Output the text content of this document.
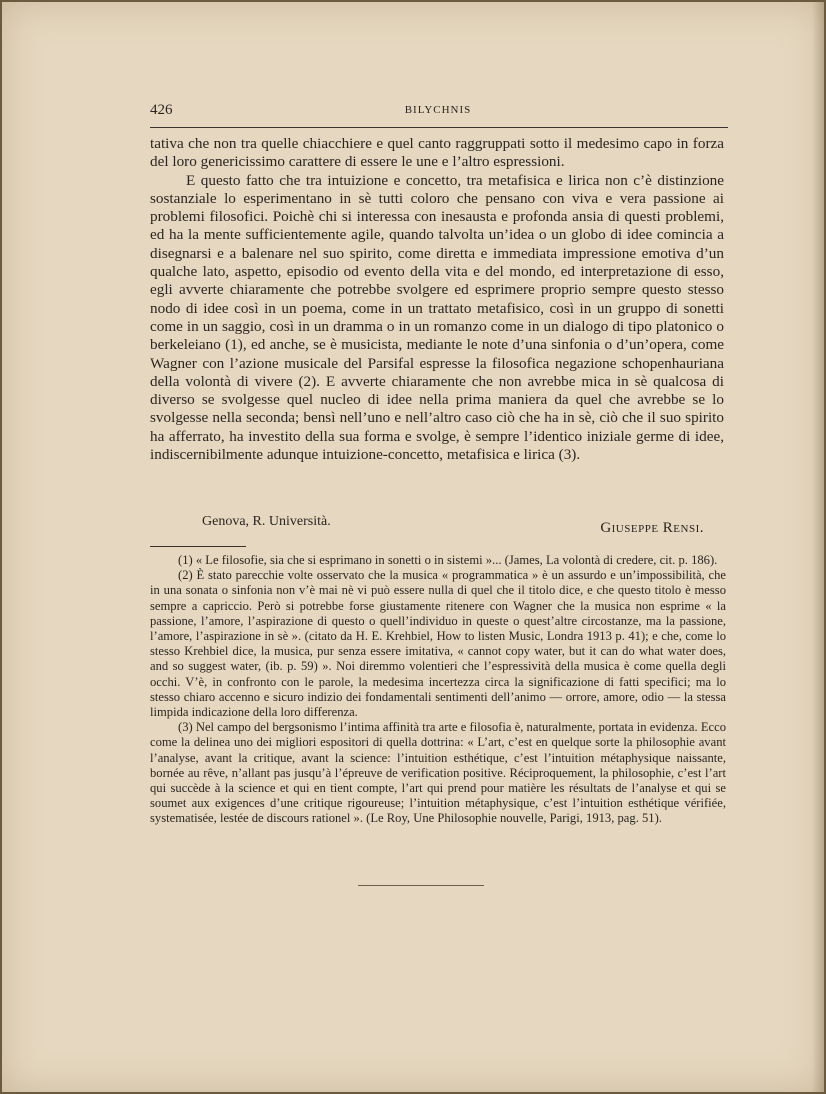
426	BILYCHNIS

tativa che non tra quelle chiacchiere e quel canto raggruppati sotto il medesimo capo in forza del loro genericissimo carattere di essere le une e l’altro espressioni.

E questo fatto che tra intuizione e concetto, tra metafisica e lirica non c’è distinzione sostanziale lo esperimentano in sè tutti coloro che pensano con viva e vera passione ai problemi filosofici. Poichè chi si interessa con inesausta e profonda ansia di questi problemi, ed ha la mente sufficientemente agile, quando talvolta un’idea o un globo di idee comincia a disegnarsi e a balenare nel suo spirito, come diretta e immediata impressione emotiva d’un qualche lato, aspetto, episodio od evento della vita e del mondo, ed interpretazione di esso, egli avverte chiaramente che potrebbe svolgere ed esprimere proprio sempre questo stesso nodo di idee così in un poema, come in un trattato metafisico, così in un gruppo di sonetti come in un saggio, così in un dramma o in un romanzo come in un dialogo di tipo platonico o berkeleiano (1), ed anche, se è musicista, mediante le note d’una sinfonia o d’un’opera, come Wagner con l’azione musicale del Parsifal espresse la filosofica negazione schopenhauriana della volontà di vivere (2). E avverte chiaramente che non avrebbe mica in sè qualcosa di diverso se svolgesse quel nucleo di idee nella prima maniera da quel che avrebbe se lo svolgesse nella seconda; bensì nell’uno e nell’altro caso ciò che ha in sè, ciò che il suo spirito ha afferrato, ha investito della sua forma e svolge, è sempre l’identico iniziale germe di idee, indiscernibilmente adunque intuizione-concetto, metafisica e lirica (3).

Genova, R. Università.	Giuseppe Rensi.

(1) « Le filosofie, sia che si esprimano in sonetti o in sistemi »... (James, La volontà di credere, cit. p. 186).

(2) È stato parecchie volte osservato che la musica « programmatica » è un assurdo e un’impossibilità, che in una sonata o sinfonia non v’è mai nè vi può essere nulla di quel che il titolo dice, e che questo titolo è messo sempre a capriccio. Però si potrebbe forse giustamente ritenere con Wagner che la musica non esprime « la passione, l’amore, l’aspirazione di questo o quell’individuo in queste o quest’altre circostanze, ma la passione, l’amore, l’aspirazione in sè ». (citato da H. E. Krehbiel, How to listen Music, Londra 1913 p. 41); e che, come lo stesso Krehbiel dice, la musica, pur senza essere imitativa, « cannot copy water, but it can do what water does, and so suggest water, (ib. p. 59) ». Noi diremmo volentieri che l’espressività della musica è come quella degli occhi. V’è, in confronto con le parole, la medesima incertezza circa la significazione di fatti specifici; ma lo stesso chiaro accenno e sicuro indizio dei fondamentali sentimenti dell’animo — orrore, amore, odio — la stessa limpida indicazione della loro differenza.

(3) Nel campo del bergsonismo l’intima affinità tra arte e filosofia è, naturalmente, portata in evidenza. Ecco come la delinea uno dei migliori espositori di quella dottrina: « L’art, c’est en quelque sorte la philosophie avant l’analyse, avant la critique, avant la science: l’intuition esthétique, c’est l’intuition métaphysique naissante, bornée au rêve, n’allant pas jusqu’à l’épreuve de verification positive. Réciproquement, la philosophie, c’est l’art qui succède à la science et qui en tient compte, l’art qui prend pour matière les résultats de l’analyse et qui se soumet aux exigences d’une critique rigoureuse; l’intuition métaphysique, c’est l’intuition esthétique vérifiée, systematisée, lestée de discours rationel ». (Le Roy, Une Philosophie nouvelle, Parigi, 1913, pag. 51).
